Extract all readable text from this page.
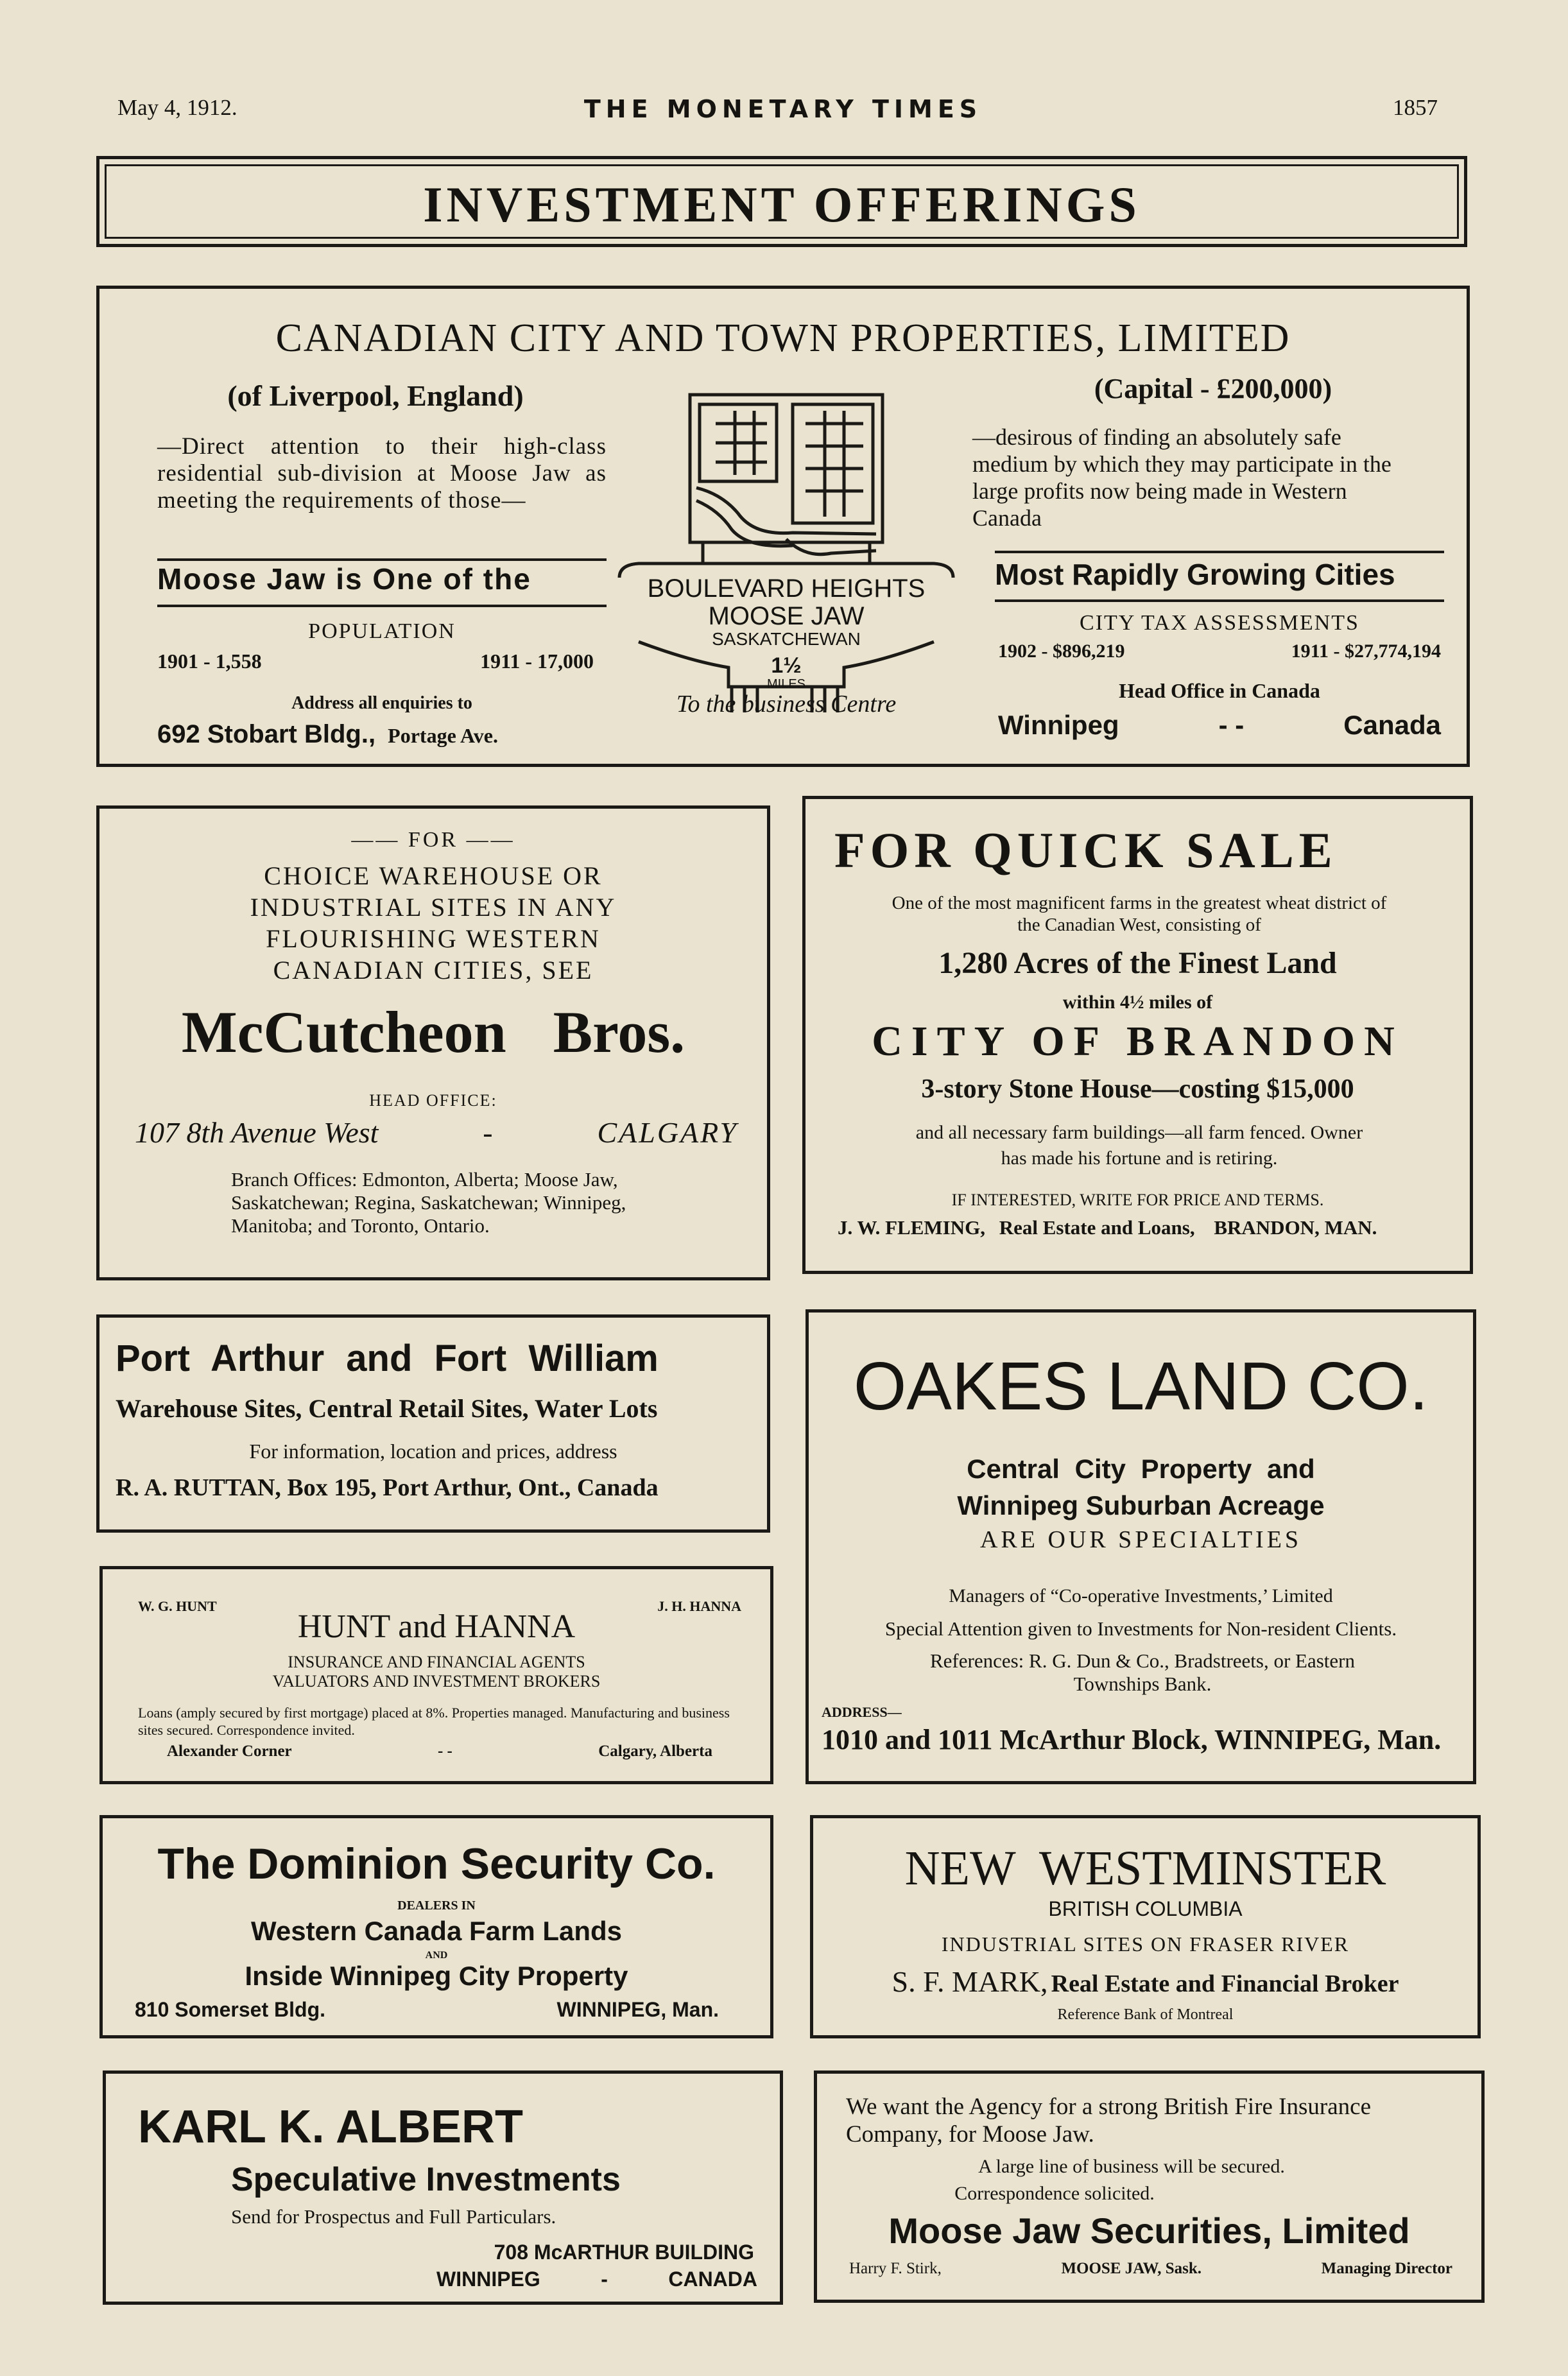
May 4, 1912.	THE MONETARY TIMES	1857
INVESTMENT OFFERINGS
CANADIAN CITY AND TOWN PROPERTIES, LIMITED
(of Liverpool, England)
—Direct attention to their high-class residential sub-division at Moose Jaw as meeting the requirements of those—
Moose Jaw is One of the
POPULATION
1901 - 1,558	1911 - 17,000
Address all enquiries to
692 Stobart Bldg., Portage Ave.
BOULEVARD HEIGHTS
MOOSE JAW
SASKATCHEWAN
1½
MILES
To the business Centre
(Capital - £200,000)
—desirous of finding an absolutely safe medium by which they may participate in the large profits now being made in Western Canada
Most Rapidly Growing Cities
CITY TAX ASSESSMENTS
1902 - $896,219	1911 - $27,774,194
Head Office in Canada
Winnipeg	- -	Canada
—— FOR ——
CHOICE WAREHOUSE OR
INDUSTRIAL SITES IN ANY
FLOURISHING WESTERN
CANADIAN CITIES, SEE
McCutcheon Bros.
HEAD OFFICE:
107 8th Avenue West	-	CALGARY
Branch Offices: Edmonton, Alberta; Moose Jaw, Saskatchewan; Regina, Saskatchewan; Winnipeg, Manitoba; and Toronto, Ontario.
FOR QUICK SALE
One of the most magnificent farms in the greatest wheat district of the Canadian West, consisting of
1,280 Acres of the Finest Land
within 4½ miles of
CITY OF BRANDON
3-story Stone House—costing $15,000
and all necessary farm buildings—all farm fenced. Owner has made his fortune and is retiring.
IF INTERESTED, WRITE FOR PRICE AND TERMS.
J. W. FLEMING, Real Estate and Loans, BRANDON, MAN.
Port Arthur and Fort William
Warehouse Sites, Central Retail Sites, Water Lots
For information, location and prices, address
R. A. RUTTAN, Box 195, Port Arthur, Ont., Canada
OAKES LAND CO.
Central City Property and
Winnipeg Suburban Acreage
ARE OUR SPECIALTIES
Managers of “Co-operative Investments,’ Limited
Special Attention given to Investments for Non-resident Clients.
References: R. G. Dun & Co., Bradstreets, or Eastern Townships Bank.
ADDRESS—
1010 and 1011 McArthur Block, WINNIPEG, Man.
W. G. HUNT	J. H. HANNA
HUNT and HANNA
INSURANCE AND FINANCIAL AGENTS
VALUATORS AND INVESTMENT BROKERS
Loans (amply secured by first mortgage) placed at 8%. Properties managed. Manufacturing and business sites secured. Correspondence invited.
Alexander Corner	- -	Calgary, Alberta
The Dominion Security Co.
DEALERS IN
Western Canada Farm Lands
AND
Inside Winnipeg City Property
810 Somerset Bldg.	WINNIPEG, Man.
NEW WESTMINSTER
BRITISH COLUMBIA
INDUSTRIAL SITES ON FRASER RIVER
S. F. MARK, Real Estate and Financial Broker
Reference Bank of Montreal
KARL K. ALBERT
Speculative Investments
Send for Prospectus and Full Particulars.
708 McARTHUR BUILDING
WINNIPEG	-	CANADA
We want the Agency for a strong British Fire Insurance Company, for Moose Jaw.
A large line of business will be secured.
Correspondence solicited.
Moose Jaw Securities, Limited
Harry F. Stirk,	MOOSE JAW, Sask.	Managing Director
